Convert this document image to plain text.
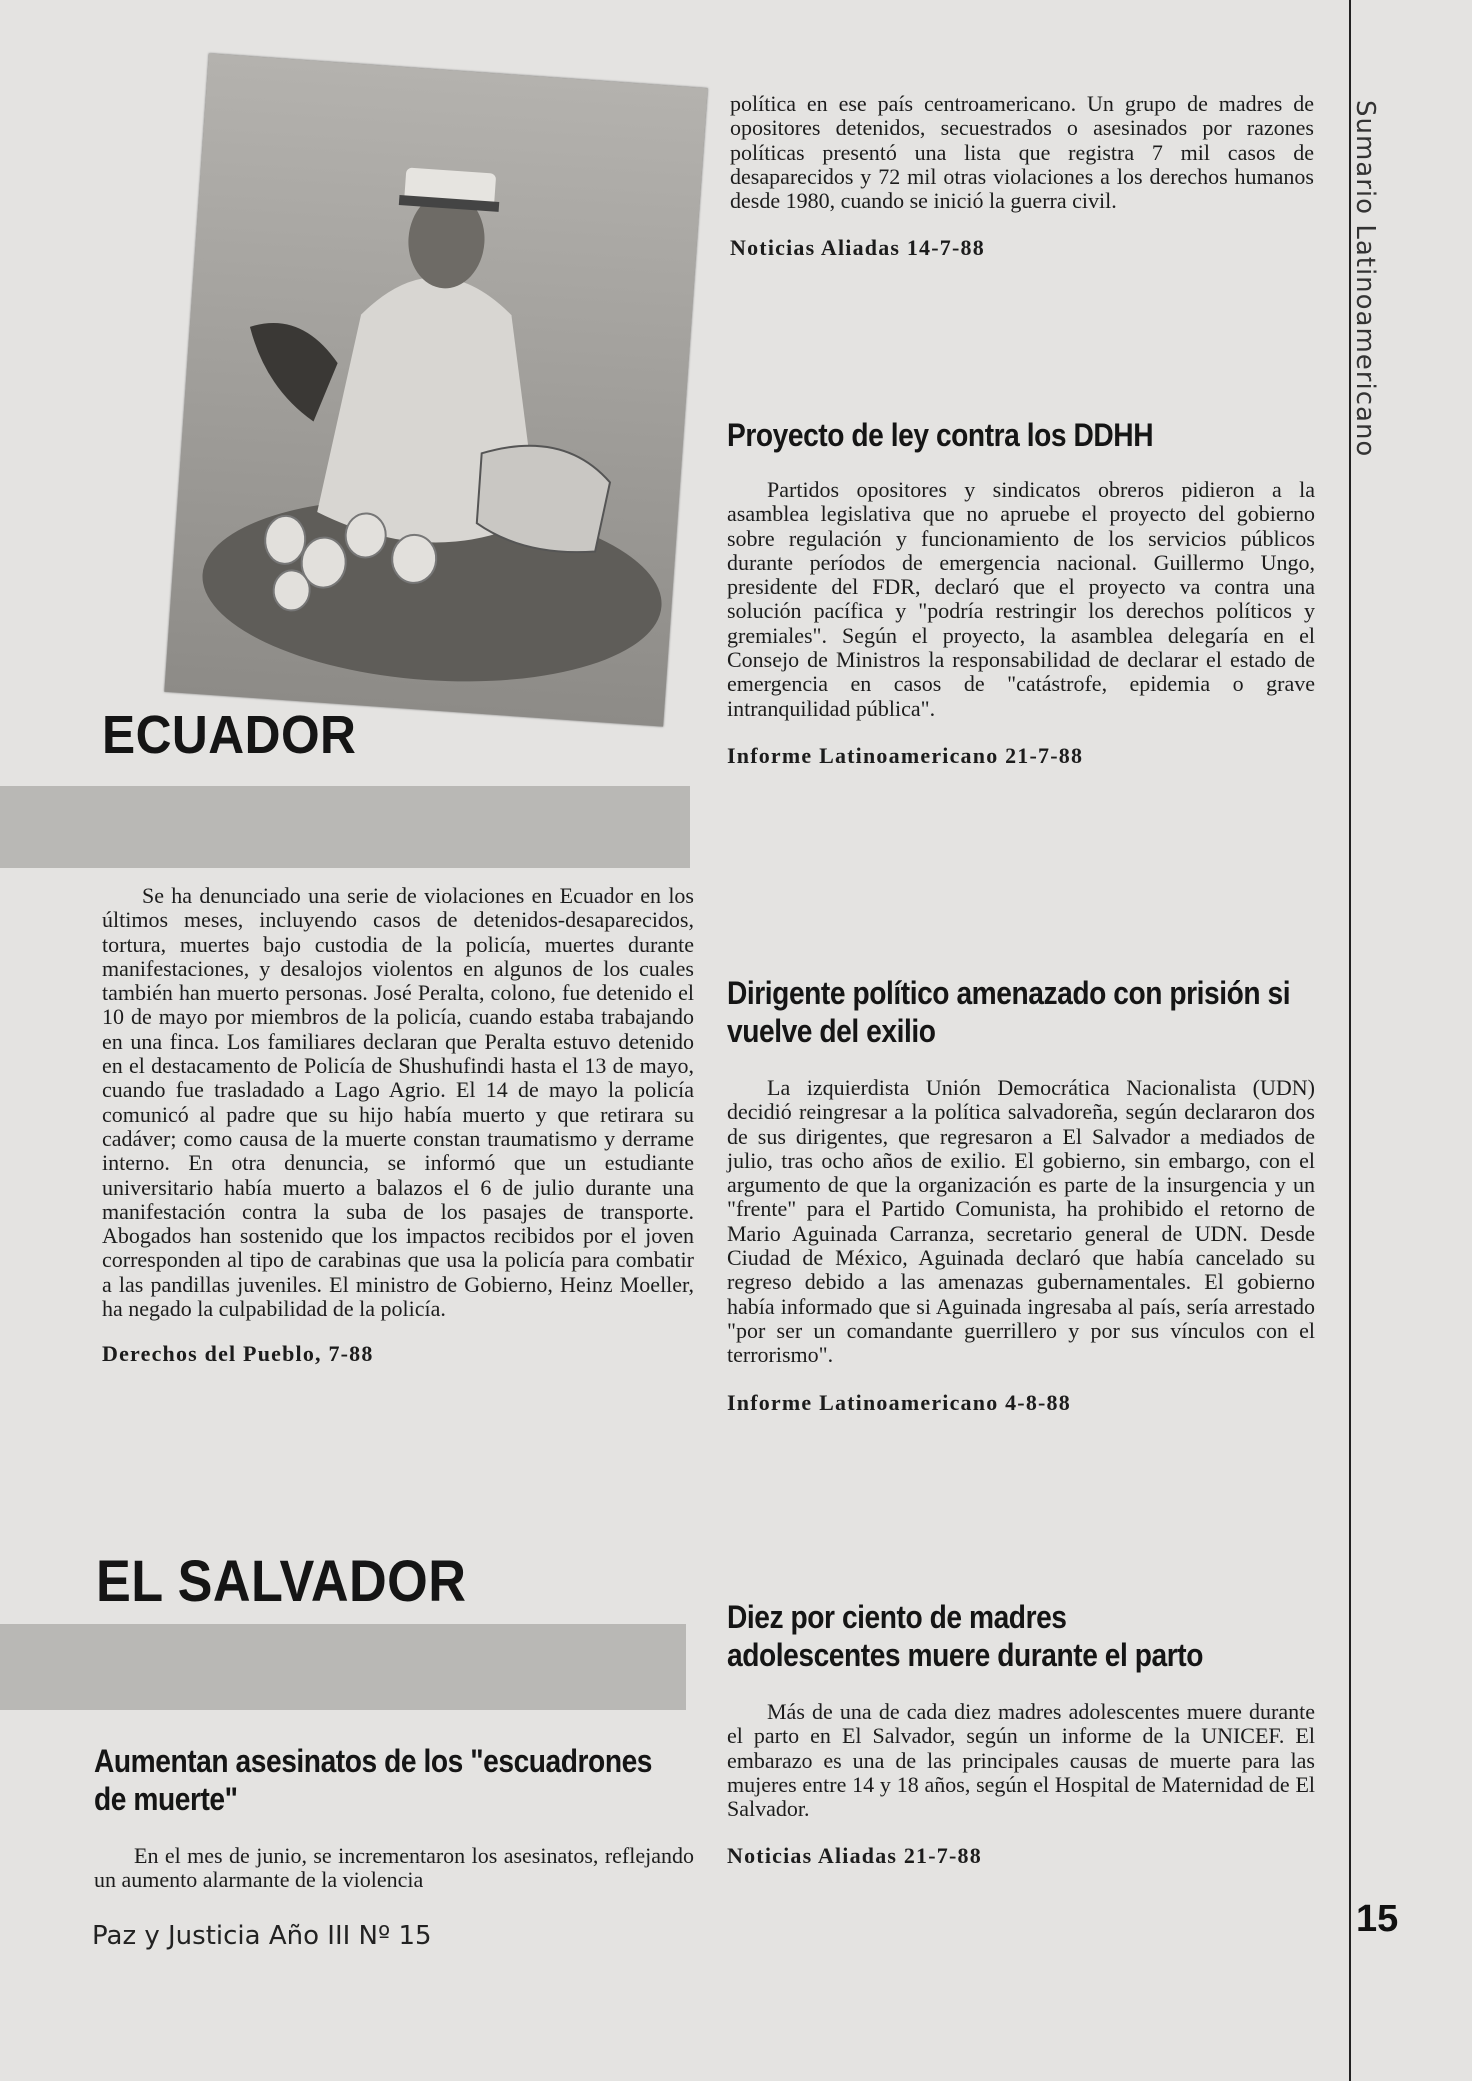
Sumario Latinoamericano
15
ECUADOR

Se ha denunciado una serie de violaciones en Ecuador en los últimos meses, incluyendo casos de detenidos-desaparecidos, tortura, muertes bajo custodia de la policía, muertes durante manifestaciones, y desalojos violentos en algunos de los cuales también han muerto personas. José Peralta, colono, fue detenido el 10 de mayo por miembros de la policía, cuando estaba trabajando en una finca. Los familiares declaran que Peralta estuvo detenido en el destacamento de Policía de Shushufindi hasta el 13 de mayo, cuando fue trasladado a Lago Agrio. El 14 de mayo la policía comunicó al padre que su hijo había muerto y que retirara su cadáver; como causa de la muerte constan traumatismo y derrame interno. En otra denuncia, se informó que un estudiante universitario había muerto a balazos el 6 de julio durante una manifestación contra la suba de los pasajes de transporte. Abogados han sostenido que los impactos recibidos por el joven corresponden al tipo de carabinas que usa la policía para combatir a las pandillas juveniles. El ministro de Gobierno, Heinz Moeller, ha negado la culpabilidad de la policía.

Derechos del Pueblo, 7-88

EL SALVADOR
Aumentan asesinatos de los "escuadrones de muerte"

En el mes de junio, se incrementaron los asesinatos, reflejando un aumento alarmante de la violencia

Paz y Justicia Año III Nº 15

política en ese país centroamericano. Un grupo de madres de opositores detenidos, secuestrados o asesinados por razones políticas presentó una lista que registra 7 mil casos de desaparecidos y 72 mil otras violaciones a los derechos humanos desde 1980, cuando se inició la guerra civil.

Noticias Aliadas 14-7-88

Proyecto de ley contra los DDHH

Partidos opositores y sindicatos obreros pidieron a la asamblea legislativa que no apruebe el proyecto del gobierno sobre regulación y funcionamiento de los servicios públicos durante períodos de emergencia nacional. Guillermo Ungo, presidente del FDR, declaró que el proyecto va contra una solución pacífica y "podría restringir los derechos políticos y gremiales". Según el proyecto, la asamblea delegaría en el Consejo de Ministros la responsabilidad de declarar el estado de emergencia en casos de "catástrofe, epidemia o grave intranquilidad pública".

Informe Latinoamericano 21-7-88

Dirigente político amenazado con prisión si vuelve del exilio

La izquierdista Unión Democrática Nacionalista (UDN) decidió reingresar a la política salvadoreña, según declararon dos de sus dirigentes, que regresaron a El Salvador a mediados de julio, tras ocho años de exilio. El gobierno, sin embargo, con el argumento de que la organización es parte de la insurgencia y un "frente" para el Partido Comunista, ha prohibido el retorno de Mario Aguinada Carranza, secretario general de UDN. Desde Ciudad de México, Aguinada declaró que había cancelado su regreso debido a las amenazas gubernamentales. El gobierno había informado que si Aguinada ingresaba al país, sería arrestado "por ser un comandante guerrillero y por sus vínculos con el terrorismo".

Informe Latinoamericano 4-8-88

Diez por ciento de madres adolescentes muere durante el parto

Más de una de cada diez madres adolescentes muere durante el parto en El Salvador, según un informe de la UNICEF. El embarazo es una de las principales causas de muerte para las mujeres entre 14 y 18 años, según el Hospital de Maternidad de El Salvador.

Noticias Aliadas 21-7-88
